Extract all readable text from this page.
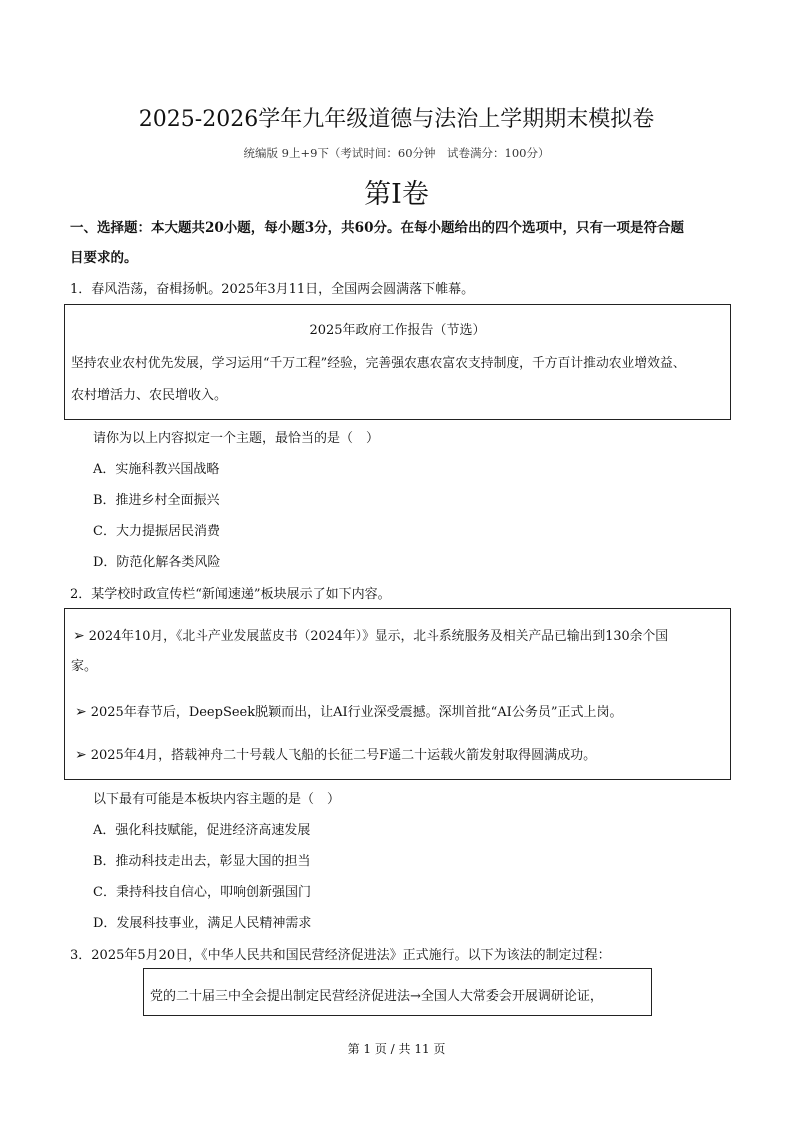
2025-2026学年九年级道德与法治上学期期末模拟卷
统编版 9上+9下（考试时间：60分钟　试卷满分：100分）
第I卷
一、选择题：本大题共20小题，每小题3分，共60分。在每小题给出的四个选项中，只有一项是符合题
目要求的。
1．春风浩荡，奋楫扬帆。2025年3月11日，全国两会圆满落下帷幕。
2025年政府工作报告（节选）
坚持农业农村优先发展，学习运用“千万工程”经验，完善强农惠农富农支持制度，千方百计推动农业增效益、
农村增活力、农民增收入。
请你为以上内容拟定一个主题，最恰当的是（　）
A．实施科教兴国战略
B．推进乡村全面振兴
C．大力提振居民消费
D．防范化解各类风险
2．某学校时政宣传栏“新闻速递”板块展示了如下内容。
➢ 2024年10月，《北斗产业发展蓝皮书（2024年）》显示，北斗系统服务及相关产品已输出到130余个国
家。
➢ 2025年春节后，DeepSeek脱颖而出，让AI行业深受震撼。深圳首批“AI公务员”正式上岗。
➢ 2025年4月，搭载神舟二十号载人飞船的长征二号F遥二十运载火箭发射取得圆满成功。
以下最有可能是本板块内容主题的是（　）
A．强化科技赋能，促进经济高速发展
B．推动科技走出去，彰显大国的担当
C．秉持科技自信心，叩响创新强国门
D．发展科技事业，满足人民精神需求
3．2025年5月20日，《中华人民共和国民营经济促进法》正式施行。以下为该法的制定过程：
党的二十届三中全会提出制定民营经济促进法→全国人大常委会开展调研论证，
第 1 页 / 共 11 页
